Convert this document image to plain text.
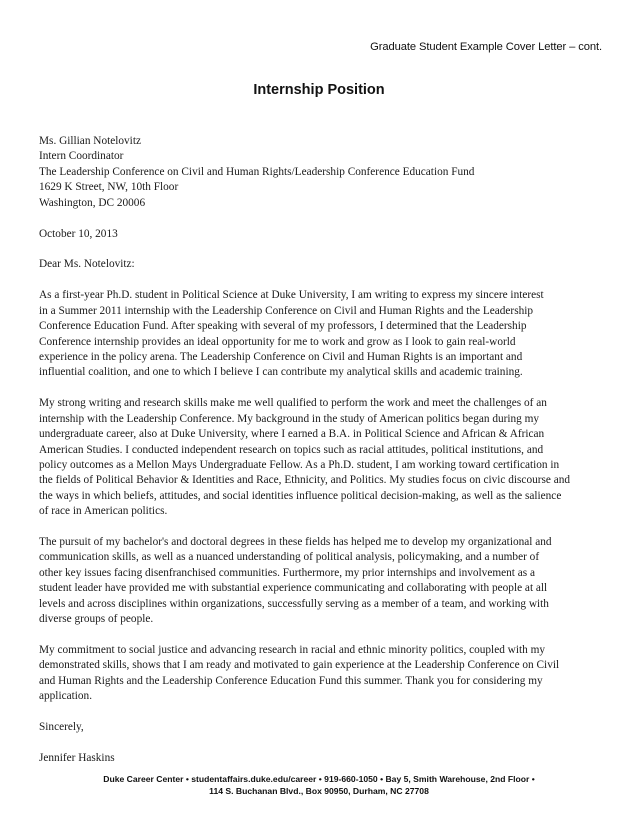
Graduate Student Example Cover Letter – cont.
Internship Position
Ms. Gillian Notelovitz
Intern Coordinator
The Leadership Conference on Civil and Human Rights/Leadership Conference Education Fund
1629 K Street, NW, 10th Floor
Washington, DC 20006
October 10, 2013
Dear Ms. Notelovitz:
As a first-year Ph.D. student in Political Science at Duke University, I am writing to express my sincere interest
in a Summer 2011 internship with the Leadership Conference on Civil and Human Rights and the Leadership
Conference Education Fund. After speaking with several of my professors, I determined that the Leadership
Conference internship provides an ideal opportunity for me to work and grow as I look to gain real-world
experience in the policy arena. The Leadership Conference on Civil and Human Rights is an important and
influential coalition, and one to which I believe I can contribute my analytical skills and academic training.
My strong writing and research skills make me well qualified to perform the work and meet the challenges of an
internship with the Leadership Conference. My background in the study of American politics began during my
undergraduate career, also at Duke University, where I earned a B.A. in Political Science and African & African
American Studies. I conducted independent research on topics such as racial attitudes, political institutions, and
policy outcomes as a Mellon Mays Undergraduate Fellow. As a Ph.D. student, I am working toward certification in
the fields of Political Behavior & Identities and Race, Ethnicity, and Politics. My studies focus on civic discourse and
the ways in which beliefs, attitudes, and social identities influence political decision-making, as well as the salience
of race in American politics.
The pursuit of my bachelor's and doctoral degrees in these fields has helped me to develop my organizational and
communication skills, as well as a nuanced understanding of political analysis, policymaking, and a number of
other key issues facing disenfranchised communities. Furthermore, my prior internships and involvement as a
student leader have provided me with substantial experience communicating and collaborating with people at all
levels and across disciplines within organizations, successfully serving as a member of a team, and working with
diverse groups of people.
My commitment to social justice and advancing research in racial and ethnic minority politics, coupled with my
demonstrated skills, shows that I am ready and motivated to gain experience at the Leadership Conference on Civil
and Human Rights and the Leadership Conference Education Fund this summer. Thank you for considering my
application.
Sincerely,
Jennifer Haskins
Duke Career Center • studentaffairs.duke.edu/career • 919-660-1050 • Bay 5, Smith Warehouse, 2nd Floor •
114 S. Buchanan Blvd., Box 90950, Durham, NC 27708
